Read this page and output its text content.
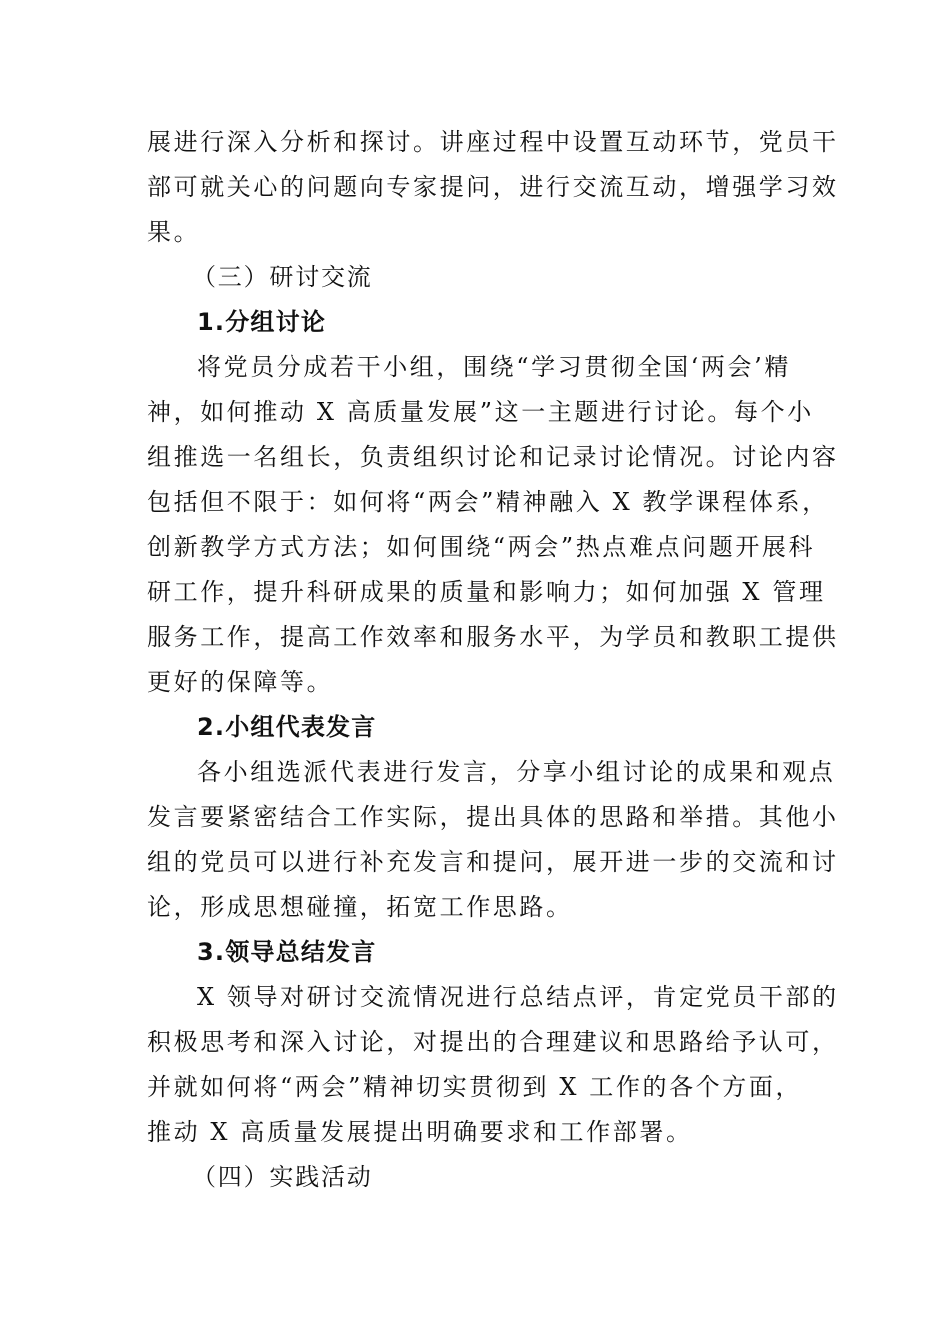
展进行深入分析和探讨。讲座过程中设置互动环节，党员干
部可就关心的问题向专家提问，进行交流互动，增强学习效
果。
（三）研讨交流
1.分组讨论
将党员分成若干小组，围绕“学习贯彻全国‘两会’精
神，如何推动 X 高质量发展”这一主题进行讨论。每个小
组推选一名组长，负责组织讨论和记录讨论情况。讨论内容
包括但不限于：如何将“两会”精神融入 X 教学课程体系，
创新教学方式方法；如何围绕“两会”热点难点问题开展科
研工作，提升科研成果的质量和影响力；如何加强 X 管理
服务工作，提高工作效率和服务水平，为学员和教职工提供
更好的保障等。
2.小组代表发言
各小组选派代表进行发言，分享小组讨论的成果和观点
发言要紧密结合工作实际，提出具体的思路和举措。其他小
组的党员可以进行补充发言和提问，展开进一步的交流和讨
论，形成思想碰撞，拓宽工作思路。
3.领导总结发言
X 领导对研讨交流情况进行总结点评，肯定党员干部的
积极思考和深入讨论，对提出的合理建议和思路给予认可，
并就如何将“两会”精神切实贯彻到 X 工作的各个方面，
推动 X 高质量发展提出明确要求和工作部署。
（四）实践活动
